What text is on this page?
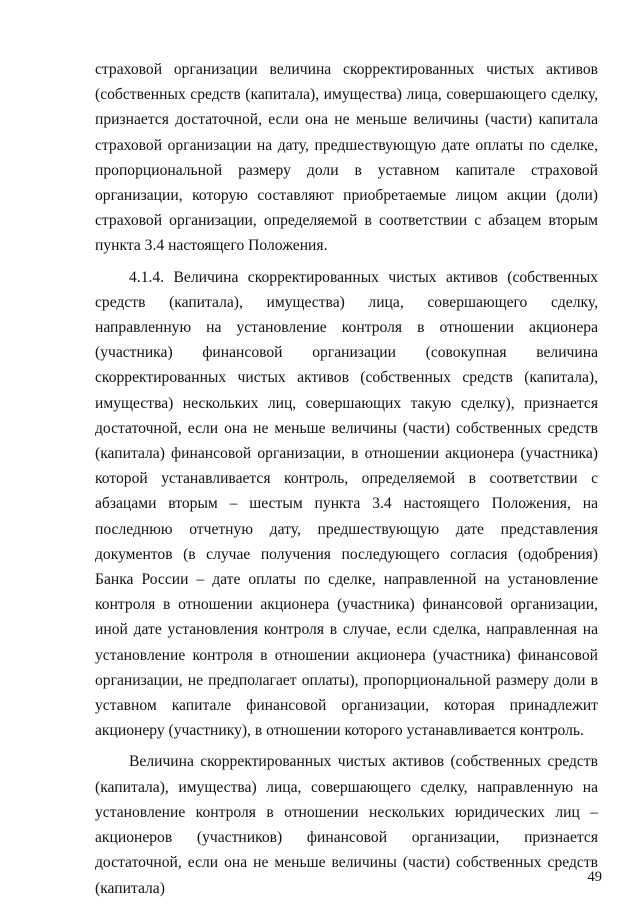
страховой организации величина скорректированных чистых активов (собственных средств (капитала), имущества) лица, совершающего сделку, признается достаточной, если она не меньше величины (части) капитала страховой организации на дату, предшествующую дате оплаты по сделке, пропорциональной размеру доли в уставном капитале страховой организации, которую составляют приобретаемые лицом акции (доли) страховой организации, определяемой в соответствии с абзацем вторым пункта 3.4 настоящего Положения.

4.1.4. Величина скорректированных чистых активов (собственных средств (капитала), имущества) лица, совершающего сделку, направленную на установление контроля в отношении акционера (участника) финансовой организации (совокупная величина скорректированных чистых активов (собственных средств (капитала), имущества) нескольких лиц, совершающих такую сделку), признается достаточной, если она не меньше величины (части) собственных средств (капитала) финансовой организации, в отношении акционера (участника) которой устанавливается контроль, определяемой в соответствии с абзацами вторым – шестым пункта 3.4 настоящего Положения, на последнюю отчетную дату, предшествующую дате представления документов (в случае получения последующего согласия (одобрения) Банка России – дате оплаты по сделке, направленной на установление контроля в отношении акционера (участника) финансовой организации, иной дате установления контроля в случае, если сделка, направленная на установление контроля в отношении акционера (участника) финансовой организации, не предполагает оплаты), пропорциональной размеру доли в уставном капитале финансовой организации, которая принадлежит акционеру (участнику), в отношении которого устанавливается контроль.

Величина скорректированных чистых активов (собственных средств (капитала), имущества) лица, совершающего сделку, направленную на установление контроля в отношении нескольких юридических лиц – акционеров (участников) финансовой организации, признается достаточной, если она не меньше величины (части) собственных средств (капитала)

49
